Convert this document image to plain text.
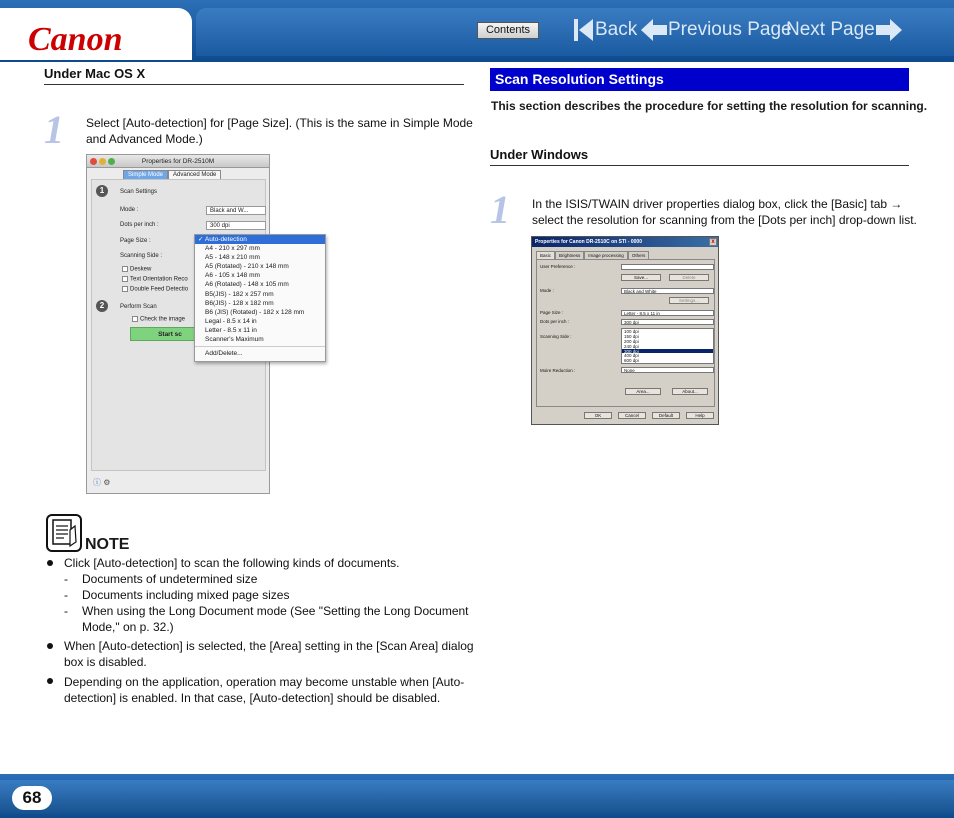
Canon	Contents	Back Previous Page
Next Page
Under Mac OS X
1 Select [Auto-detection] for [Page Size]. (This is the same in Simple Mode
and Advanced Mode.)
Properties for DR-2510M
Simple Mode	Advanced Mode
1	Scan Settings
Mode :	Black and W...
Dots per inch :	300 dpi
Page Size :
Scanning Side :
Deskew
Text Orientation Reco
Double Feed Detectio
2	Perform Scan
Check the image
Start sc
ⓘ ⚙
✓ Auto-detection
A4 - 210 x 297 mm
A5 - 148 x 210 mm
A5 (Rotated) - 210 x 148 mm
A6 - 105 x 148 mm
A6 (Rotated) - 148 x 105 mm
B5(JIS) - 182 x 257 mm
B6(JIS) - 128 x 182 mm
B6 (JIS) (Rotated) - 182 x 128 mm
Legal - 8.5 x 14 in
Letter - 8.5 x 11 in
Scanner's Maximum
Add/Delete...
NOTE
Click [Auto-detection] to scan the following kinds of documents.
- Documents of undetermined size
- Documents including mixed page sizes
- When using the Long Document mode (See "Setting the Long Document
Mode," on p. 32.)
When [Auto-detection] is selected, the [Area] setting in the [Scan Area] dialog
box is disabled.
Depending on the application, operation may become unstable when [Auto-
detection] is enabled. In that case, [Auto-detection] should be disabled.
Scan Resolution Settings
This section describes the procedure for setting the resolution for scanning.
Under Windows
1 In the ISIS/TWAIN driver properties dialog box, click the [Basic] tab →
select the resolution for scanning from the [Dots per inch] drop-down list.
Properties for Canon DR-2510C on STI - 0000	x
Basic	Brightness	Image processing	Others
User Preference :
Save...	Delete
Mode :	Black and White
Settings...
Page Size :	Letter - 8.5 x 11 in
Dots per inch :	300 dpi
Scanning Side :
100 dpi
150 dpi
200 dpi
240 dpi
300 dpi
400 dpi
600 dpi
Moire Reduction :	None
Area...	About...
OK	Cancel	Default	Help
68
